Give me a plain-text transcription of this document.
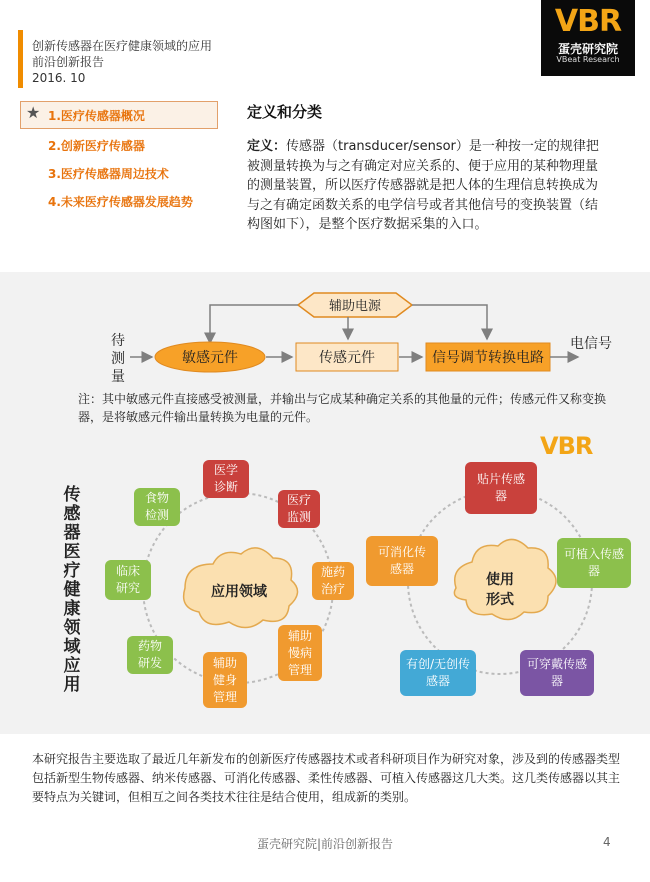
创新传感器在医疗健康领域的应用
前沿创新报告
2016. 10
VBR
蛋壳研究院
VBeat Research
★ 1.医疗传感器概况
2.创新医疗传感器
3.医疗传感器周边技术
4.未来医疗传感器发展趋势
定义和分类
定义：传感器（transducer/sensor）是一种按一定的规律把被测量转换为与之有确定对应关系的、便于应用的某种物理量的测量装置，所以医疗传感器就是把人体的生理信息转换成为与之有确定函数关系的电学信号或者其他信号的变换装置（结构图如下），是整个医疗数据采集的入口。
辅助电源
待
测
量
敏感元件	传感元件	信号调节转换电路
电信号
注：其中敏感元件直接感受被测量，并输出与它成某种确定关系的其他量的元件；传感元件又称变换器，是将敏感元件输出量转换为电量的元件。
VBR
传感器医疗健康领域应用
应用领域
医学诊断
医疗监测
施药治疗
辅助慢病管理
辅助健身管理
药物研发
临床研究
食物检测
使用形式
贴片传感器
可植入传感器
可穿戴传感器
有创/无创传感器
可消化传感器
本研究报告主要选取了最近几年新发布的创新医疗传感器技术或者科研项目作为研究对象，涉及到的传感器类型包括新型生物传感器、纳米传感器、可消化传感器、柔性传感器、可植入传感器这几大类。这几类传感器以其主要特点为关键词，但相互之间各类技术往往是结合使用，组成新的类别。
蛋壳研究院|前沿创新报告	4
